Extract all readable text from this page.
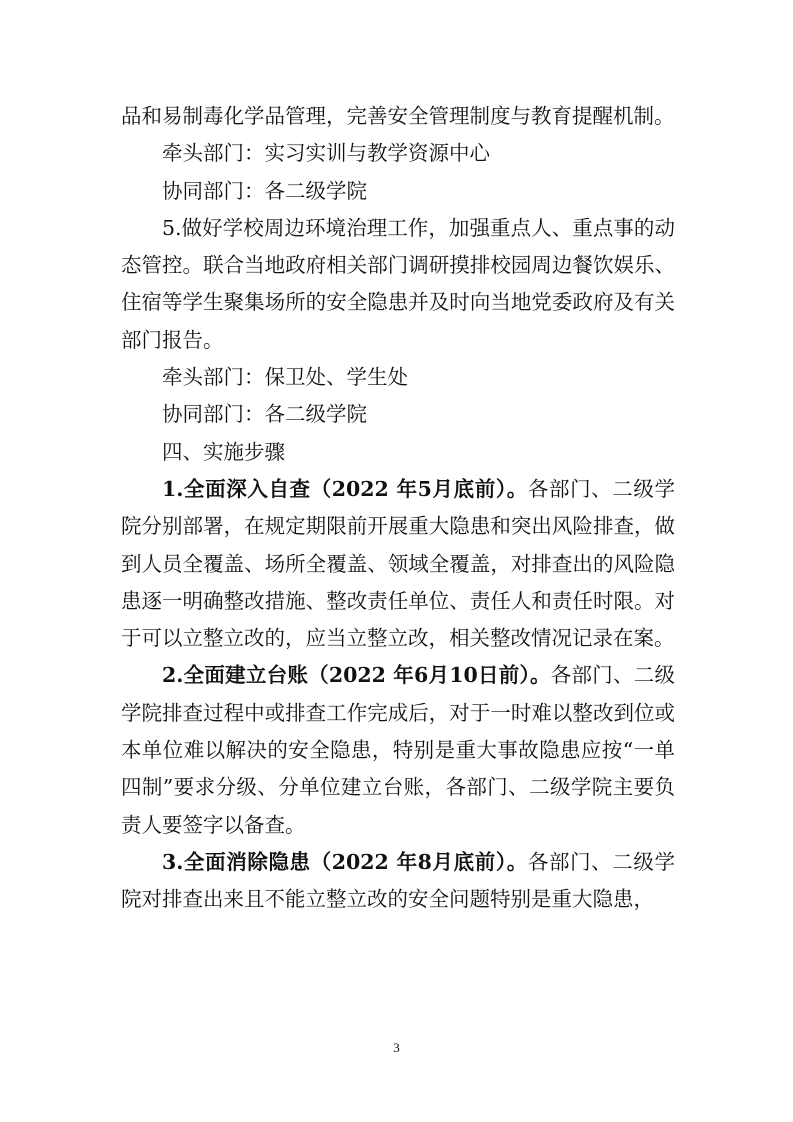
品和易制毒化学品管理，完善安全管理制度与教育提醒机制。

牵头部门：实习实训与教学资源中心

协同部门：各二级学院

5.做好学校周边环境治理工作，加强重点人、重点事的动态管控。联合当地政府相关部门调研摸排校园周边餐饮娱乐、住宿等学生聚集场所的安全隐患并及时向当地党委政府及有关部门报告。

牵头部门：保卫处、学生处

协同部门：各二级学院

四、实施步骤

1.全面深入自查（2022 年5月底前）。各部门、二级学院分别部署，在规定期限前开展重大隐患和突出风险排查，做到人员全覆盖、场所全覆盖、领域全覆盖，对排查出的风险隐患逐一明确整改措施、整改责任单位、责任人和责任时限。对于可以立整立改的，应当立整立改，相关整改情况记录在案。

2.全面建立台账（2022 年6月10日前）。各部门、二级学院排查过程中或排查工作完成后，对于一时难以整改到位或本单位难以解决的安全隐患，特别是重大事故隐患应按“一单四制”要求分级、分单位建立台账，各部门、二级学院主要负责人要签字以备查。

3.全面消除隐患（2022 年8月底前）。各部门、二级学院对排查出来且不能立整立改的安全问题特别是重大隐患，

3
